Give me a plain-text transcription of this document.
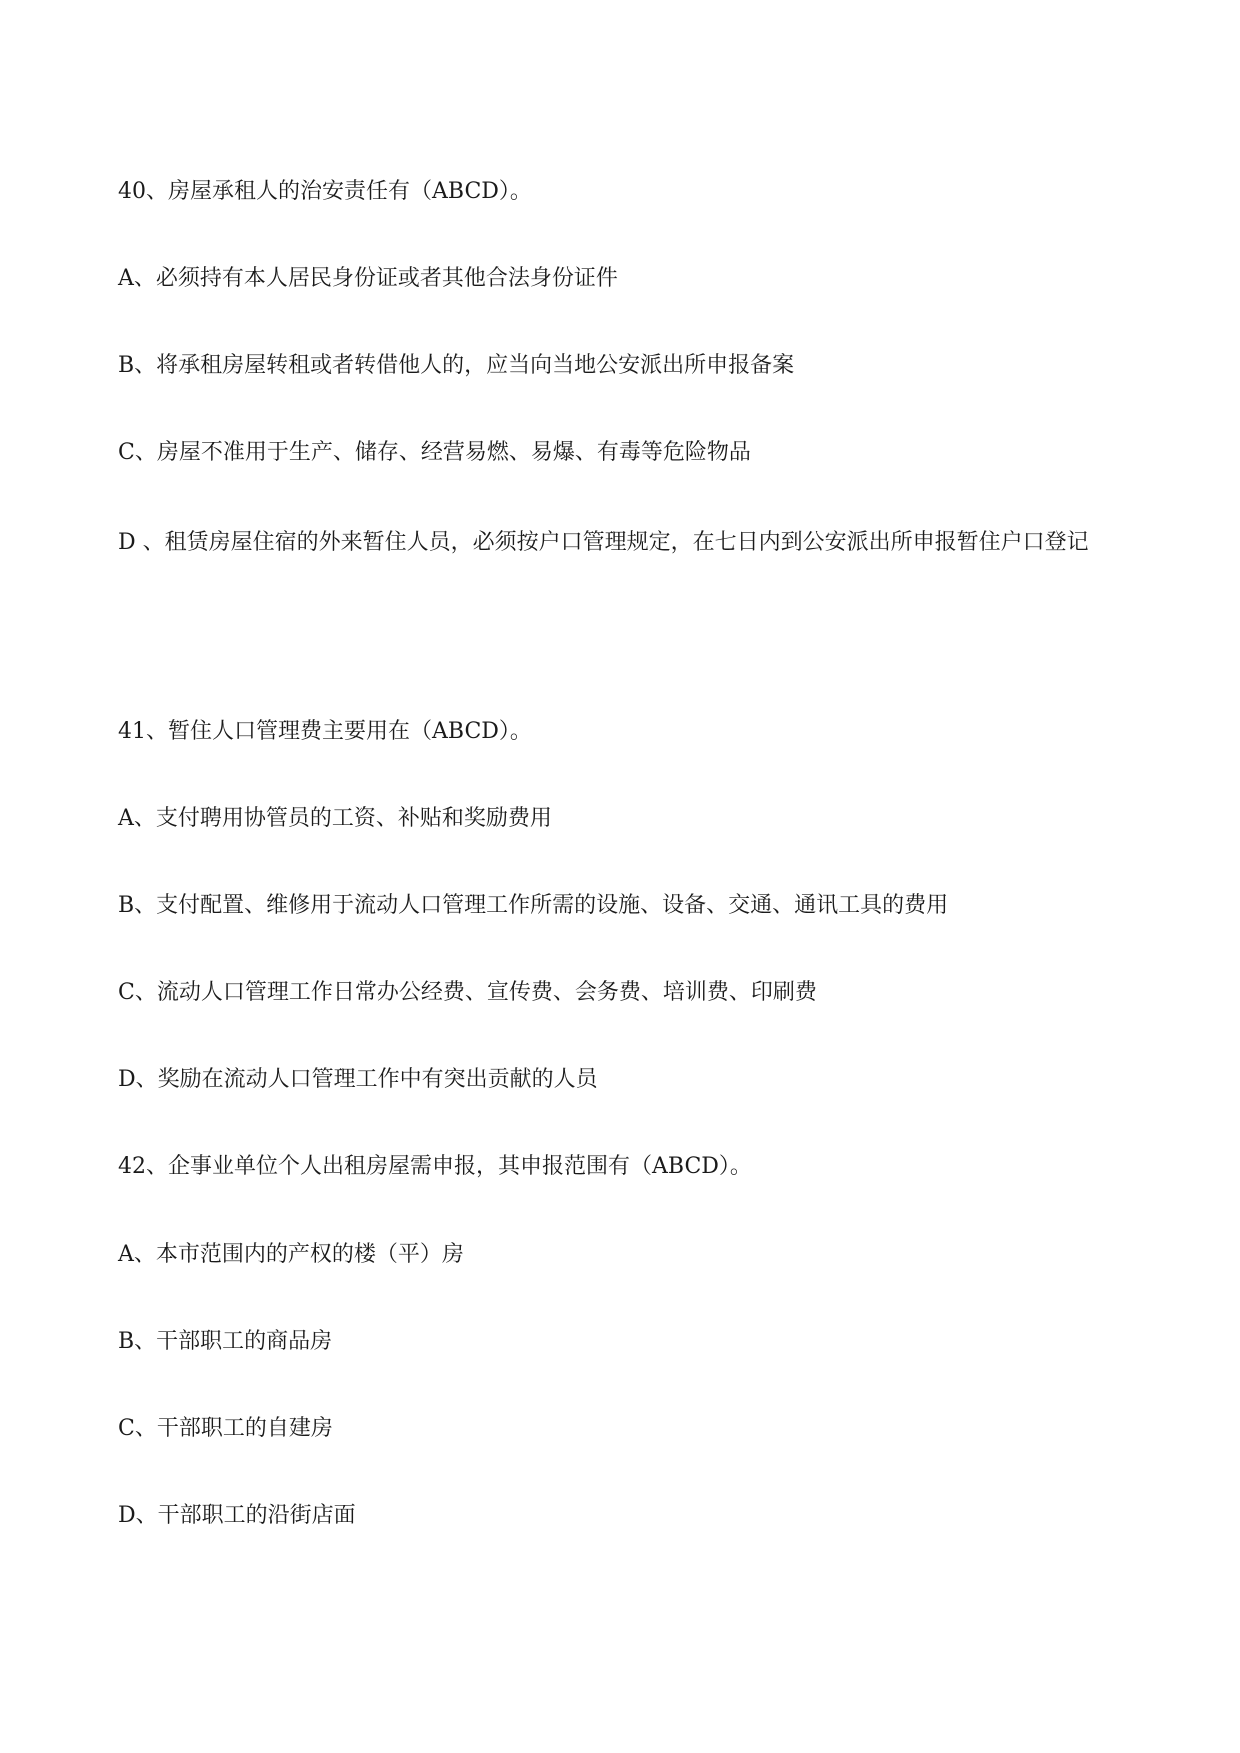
40、房屋承租人的治安责任有（ABCD）。

A、必须持有本人居民身份证或者其他合法身份证件

B、将承租房屋转租或者转借他人的，应当向当地公安派出所申报备案

C、房屋不准用于生产、储存、经营易燃、易爆、有毒等危险物品

D 、租赁房屋住宿的外来暂住人员，必须按户口管理规定，在七日内到公安派出所申报暂住户口登记

41、暂住人口管理费主要用在（ABCD）。

A、支付聘用协管员的工资、补贴和奖励费用

B、支付配置、维修用于流动人口管理工作所需的设施、设备、交通、通讯工具的费用

C、流动人口管理工作日常办公经费、宣传费、会务费、培训费、印刷费

D、奖励在流动人口管理工作中有突出贡献的人员

42、企事业单位个人出租房屋需申报，其申报范围有（ABCD）。

A、本市范围内的产权的楼（平）房

B、干部职工的商品房

C、干部职工的自建房

D、干部职工的沿街店面
